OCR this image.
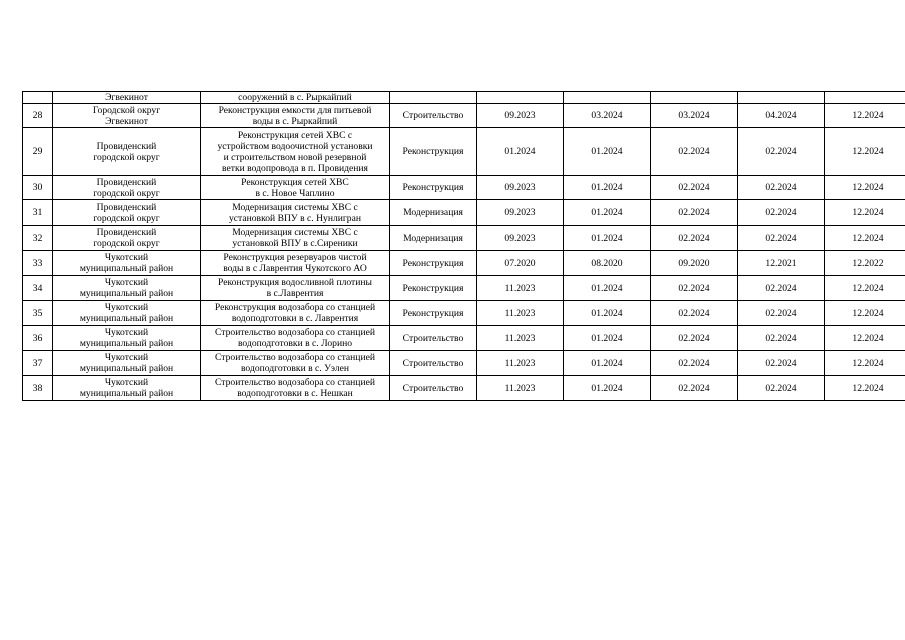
	Эгвекинот	сооружений в с. Рыркайпий						

28	Городской округ
Эгвекинот	Реконструкция емкости для питьевой
воды в с. Рыркайпий	Строительство	09.2023	03.2024	03.2024	04.2024	12.2024
29	Провиденский
городской округ	Реконструкция сетей ХВС с
устройством водоочистной установки
и строительством новой резервной
ветки водопровода в п. Провидения	Реконструкция	01.2024	01.2024	02.2024	02.2024	12.2024
30	Провиденский
городской округ	Реконструкция сетей ХВС
в с. Новое Чаплино	Реконструкция	09.2023	01.2024	02.2024	02.2024	12.2024
31	Провиденский
городской округ	Модернизация системы ХВС с
установкой ВПУ в с. Нунлигран	Модернизация	09.2023	01.2024	02.2024	02.2024	12.2024
32	Провиденский
городской округ	Модернизация системы ХВС с
установкой ВПУ в с.Сиреники	Модернизация	09.2023	01.2024	02.2024	02.2024	12.2024
33	Чукотский
муниципальный район	Реконструкция резервуаров чистой
воды в с Лаврентия Чукотского АО	Реконструкция	07.2020	08.2020	09.2020	12.2021	12.2022
34	Чукотский
муниципальный район	Реконструкция водосливной плотины
в с.Лаврентия	Реконструкция	11.2023	01.2024	02.2024	02.2024	12.2024
35	Чукотский
муниципальный район	Реконструкция водозабора со станцией
водоподготовки в с. Лаврентия	Реконструкция	11.2023	01.2024	02.2024	02.2024	12.2024
36	Чукотский
муниципальный район	Строительство водозабора со станцией
водоподготовки в с. Лорино	Строительство	11.2023	01.2024	02.2024	02.2024	12.2024
37	Чукотский
муниципальный район	Строительство водозабора со станцией
водоподготовки в с. Уэлен	Строительство	11.2023	01.2024	02.2024	02.2024	12.2024
38	Чукотский
муниципальный район	Строительство водозабора со станцией
водоподготовки в с. Нешкан	Строительство	11.2023	01.2024	02.2024	02.2024	12.2024
